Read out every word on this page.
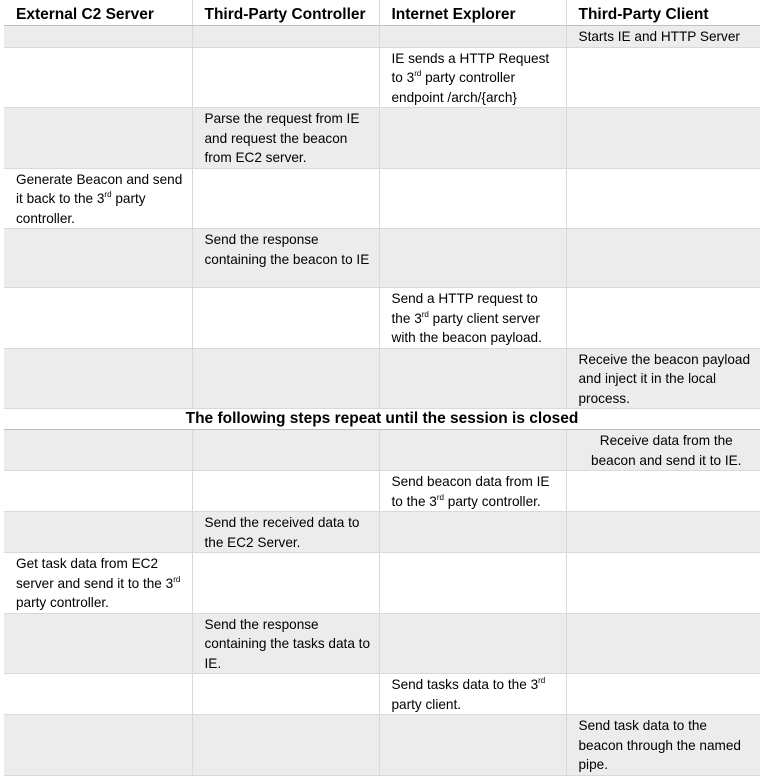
External C2 Server	Third-Party Controller	Internet Explorer	Third-Party Client
			Starts IE and HTTP Server
		IE sends a HTTP Request to 3rd party controller endpoint /arch/{arch}	
	Parse the request from IE and request the beacon from EC2 server.		
Generate Beacon and send it back to the 3rd party controller.			
	Send the response containing the beacon to IE		
		Send a HTTP request to the 3rd party client server with the beacon payload.	
			Receive the beacon payload and inject it in the local process.
The following steps repeat until the session is closed			
			Receive data from the beacon and send it to IE.
		Send beacon data from IE to the 3rd party controller.	
	Send the received data to the EC2 Server.		
Get task data from EC2 server and send it to the 3rd party controller.			
	Send the response containing the tasks data to IE.		
		Send tasks data to the 3rd party client.	
			Send task data to the beacon through the named pipe.
